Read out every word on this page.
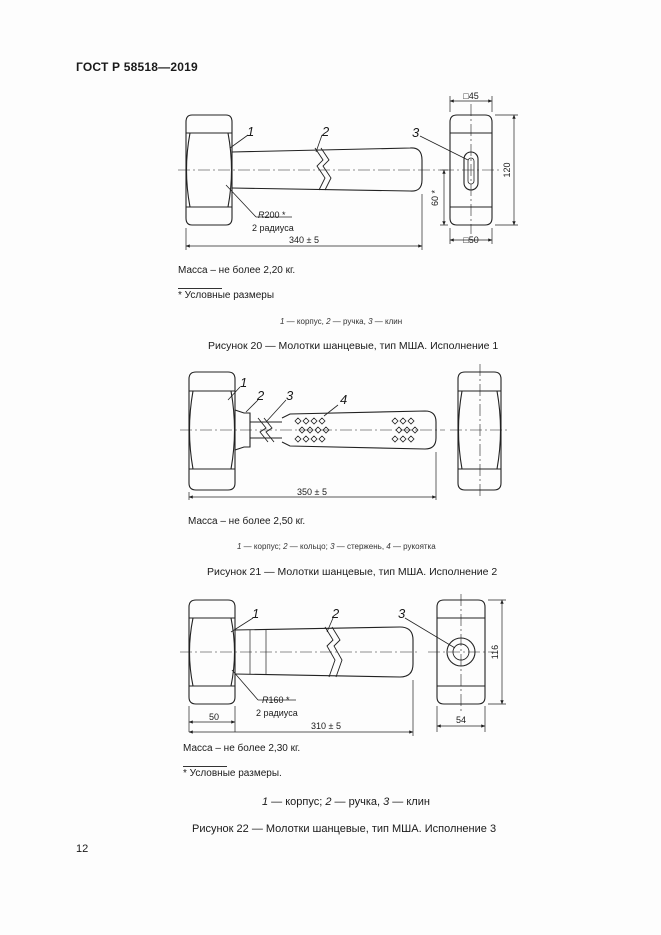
ГОСТ Р 58518—2019
1	2	3
R200 *
2 радиуса
340 ± 5
□45
□50
120
60 *
Масса – не более 2,20 кг.
* Условные размеры
1 — корпус, 2 — ручка, 3 — клин
Рисунок 20 — Молотки шанцевые, тип МША. Исполнение 1
1
2 3	4
350 ± 5
Масса – не более 2,50 кг.
1 — корпус; 2 — кольцо; 3 — стержень, 4 — рукоятка
Рисунок 21 — Молотки шанцевые, тип МША. Исполнение 2
1	2	3
R160 *
2 радиуса
50
310 ± 5
54
116
Масса – не более 2,30 кг.
* Условные размеры.
1 — корпус; 2 — ручка, 3 — клин
Рисунок 22 — Молотки шанцевые, тип МША. Исполнение 3
12
